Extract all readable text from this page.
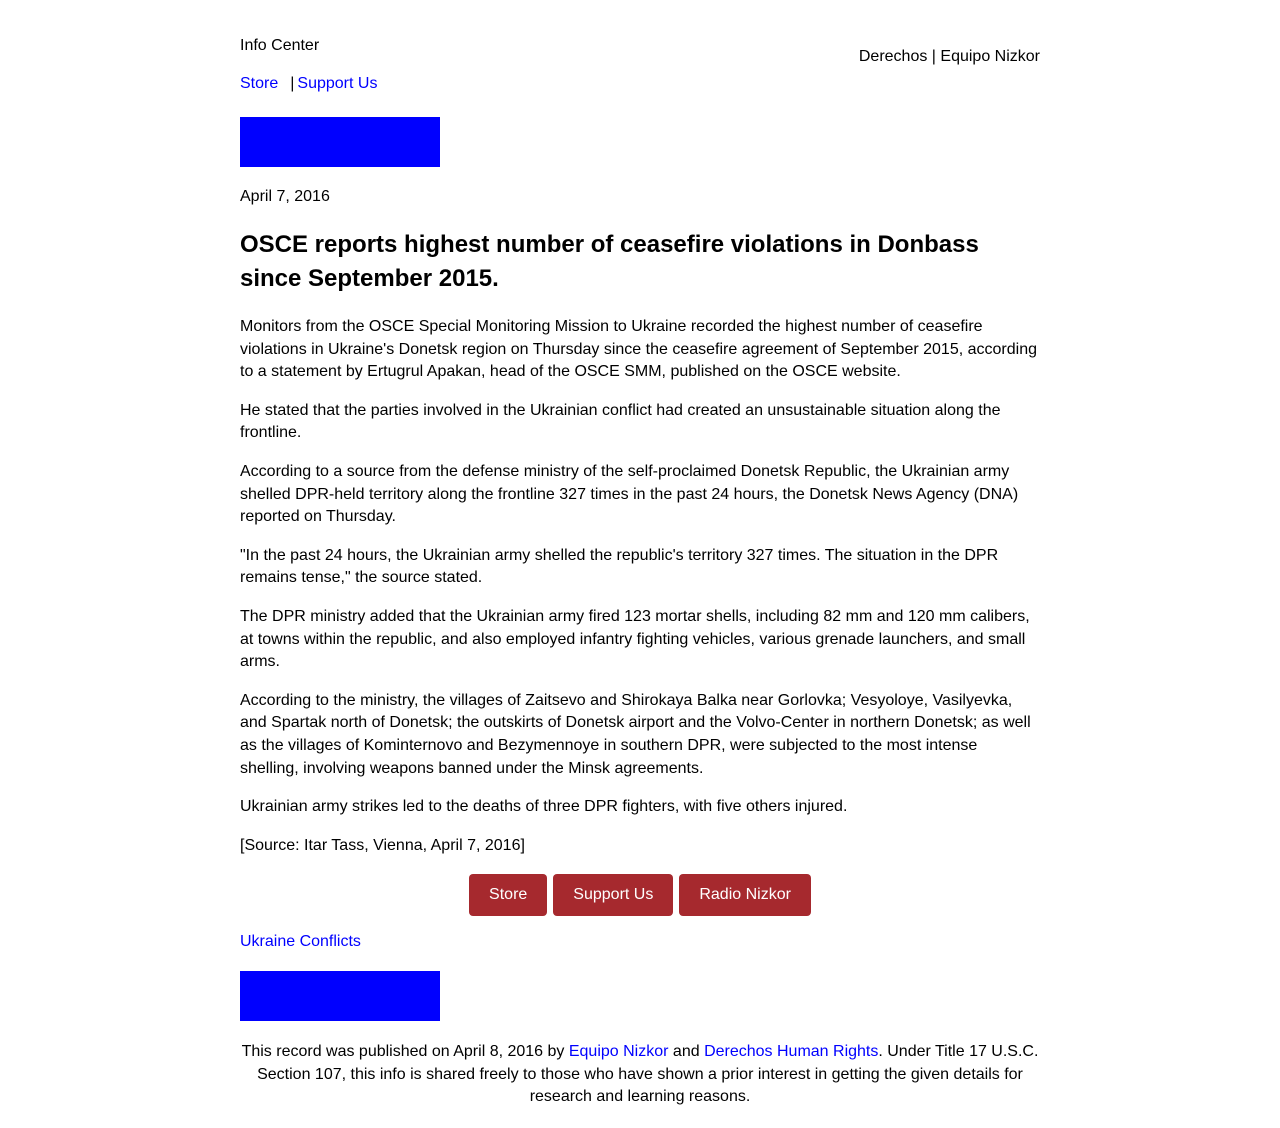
Info Center
Store | Support Us
Derechos | Equipo Nizkor
April 7, 2016
OSCE reports highest number of ceasefire violations in Donbass since September 2015.

Monitors from the OSCE Special Monitoring Mission to Ukraine recorded the highest number of ceasefire violations in Ukraine's Donetsk region on Thursday since the ceasefire agreement of September 2015, according to a statement by Ertugrul Apakan, head of the OSCE SMM, published on the OSCE website.

He stated that the parties involved in the Ukrainian conflict had created an unsustainable situation along the frontline.

According to a source from the defense ministry of the self-proclaimed Donetsk Republic, the Ukrainian army shelled DPR-held territory along the frontline 327 times in the past 24 hours, the Donetsk News Agency (DNA) reported on Thursday.

"In the past 24 hours, the Ukrainian army shelled the republic's territory 327 times. The situation in the DPR remains tense," the source stated.

The DPR ministry added that the Ukrainian army fired 123 mortar shells, including 82 mm and 120 mm calibers, at towns within the republic, and also employed infantry fighting vehicles, various grenade launchers, and small arms.

According to the ministry, the villages of Zaitsevo and Shirokaya Balka near Gorlovka; Vesyoloye, Vasilyevka, and Spartak north of Donetsk; the outskirts of Donetsk airport and the Volvo-Center in northern Donetsk; as well as the villages of Kominternovo and Bezymennoye in southern DPR, were subjected to the most intense shelling, involving weapons banned under the Minsk agreements.

Ukrainian army strikes led to the deaths of three DPR fighters, with five others injured.

[Source: Itar Tass, Vienna, April 7, 2016]

Store	Support Us	Radio Nizkor
Ukraine Conflicts
This record was published on April 8, 2016 by Equipo Nizkor and Derechos Human Rights. Under Title 17 U.S.C. Section 107, this info is shared freely to those who have shown a prior interest in getting the given details for research and learning reasons.
